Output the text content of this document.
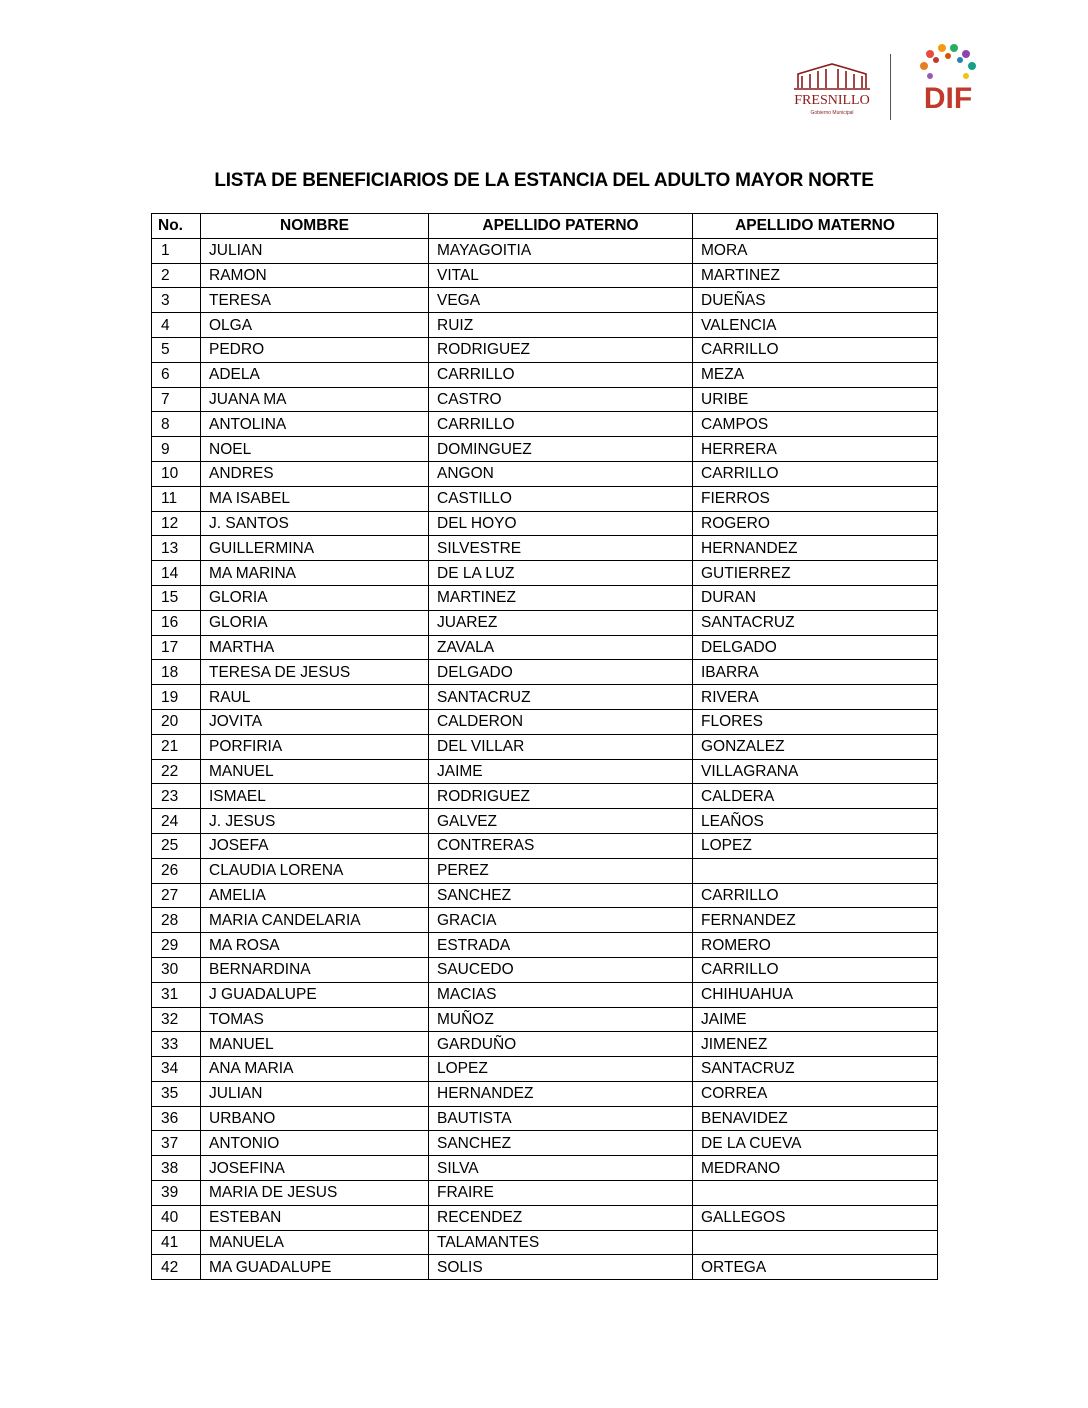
FRESNILLO
Gobierno Municipal DIF
LISTA DE BENEFICIARIOS DE LA ESTANCIA DEL ADULTO MAYOR NORTE
No.	NOMBRE	APELLIDO PATERNO	APELLIDO MATERNO
1	JULIAN	MAYAGOITIA	MORA
2	RAMON	VITAL	MARTINEZ
3	TERESA	VEGA	DUEÑAS
4	OLGA	RUIZ	VALENCIA
5	PEDRO	RODRIGUEZ	CARRILLO
6	ADELA	CARRILLO	MEZA
7	JUANA MA	CASTRO	URIBE
8	ANTOLINA	CARRILLO	CAMPOS
9	NOEL	DOMINGUEZ	HERRERA
10	ANDRES	ANGON	CARRILLO
11	MA ISABEL	CASTILLO	FIERROS
12	J. SANTOS	DEL HOYO	ROGERO
13	GUILLERMINA	SILVESTRE	HERNANDEZ
14	MA MARINA	DE LA LUZ	GUTIERREZ
15	GLORIA	MARTINEZ	DURAN
16	GLORIA	JUAREZ	SANTACRUZ
17	MARTHA	ZAVALA	DELGADO
18	TERESA DE JESUS	DELGADO	IBARRA
19	RAUL	SANTACRUZ	RIVERA
20	JOVITA	CALDERON	FLORES
21	PORFIRIA	DEL VILLAR	GONZALEZ
22	MANUEL	JAIME	VILLAGRANA
23	ISMAEL	RODRIGUEZ	CALDERA
24	J. JESUS	GALVEZ	LEAÑOS
25	JOSEFA	CONTRERAS	LOPEZ
26	CLAUDIA LORENA	PEREZ	
27	AMELIA	SANCHEZ	CARRILLO
28	MARIA CANDELARIA	GRACIA	FERNANDEZ
29	MA ROSA	ESTRADA	ROMERO
30	BERNARDINA	SAUCEDO	CARRILLO
31	J GUADALUPE	MACIAS	CHIHUAHUA
32	TOMAS	MUÑOZ	JAIME
33	MANUEL	GARDUÑO	JIMENEZ
34	ANA MARIA	LOPEZ	SANTACRUZ
35	JULIAN	HERNANDEZ	CORREA
36	URBANO	BAUTISTA	BENAVIDEZ
37	ANTONIO	SANCHEZ	DE LA CUEVA
38	JOSEFINA	SILVA	MEDRANO
39	MARIA DE JESUS	FRAIRE	
40	ESTEBAN	RECENDEZ	GALLEGOS
41	MANUELA	TALAMANTES	
42	MA GUADALUPE	SOLIS	ORTEGA
